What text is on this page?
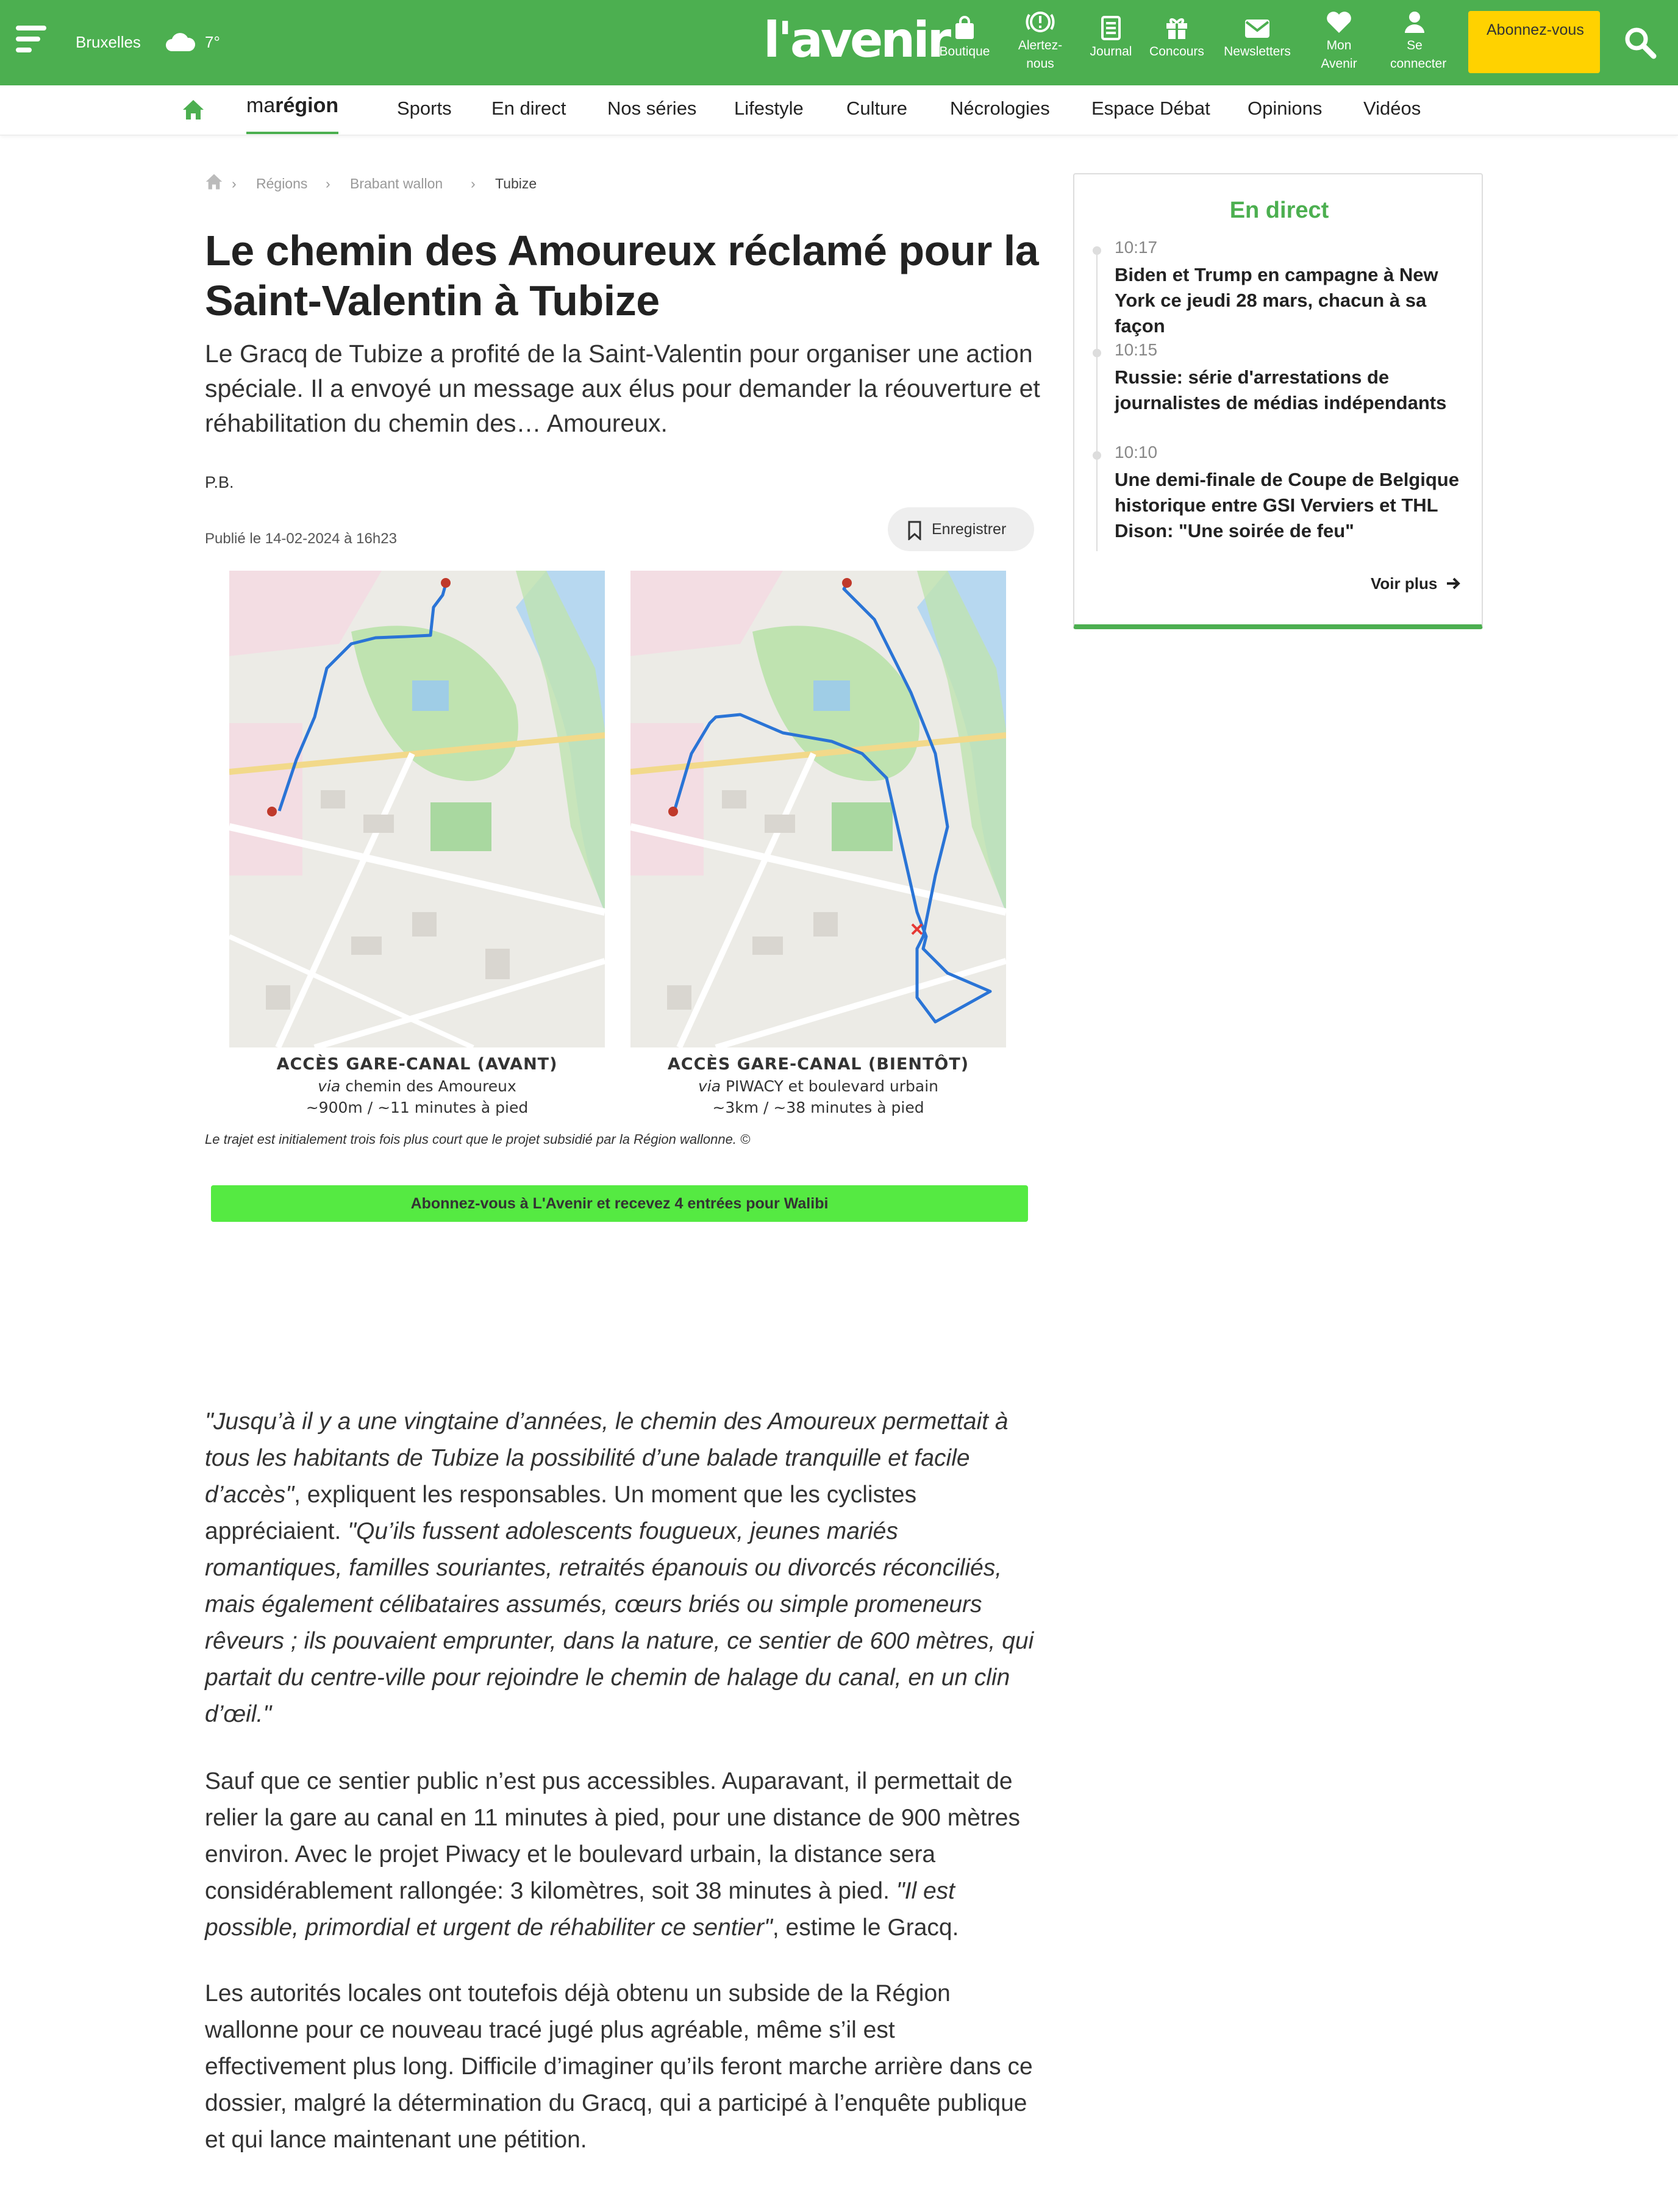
Bruxelles	7°	l'avenir
Boutique	Alertez-nous
Journal	Concours	Newsletters	Mon Avenir
Se connecter
Abonnez-vous
marégion	Sports En direct Nos séries Lifestyle Culture Nécrologies Espace Débat Opinions Vidéos
› Régions › Brabant wallon › Tubize
Le chemin des Amoureux réclamé pour la Saint-Valentin à Tubize

Le Gracq de Tubize a profité de la Saint-Valentin pour organiser une action spéciale. Il a envoyé un message aux élus pour demander la réouverture et réhabilitation du chemin des… Amoureux.

P.B.
Publié le 14-02-2024 à 16h23
Enregistrer
ACCÈS GARE-CANAL (AVANT)
via chemin des Amoureux
~900m / ~11 minutes à pied
ACCÈS GARE-CANAL (BIENTÔT)
via PIWACY et boulevard urbain
~3km / ~38 minutes à pied
Le trajet est initialement trois fois plus court que le projet subsidié par la Région wallonne. ©
Abonnez-vous à L'Avenir et recevez 4 entrées pour Walibi

"Jusqu’à il y a une vingtaine d’années, le chemin des Amoureux permettait à tous les habitants de Tubize la possibilité d’une balade tranquille et facile d’accès", expliquent les responsables. Un moment que les cyclistes appréciaient. "Qu’ils fussent adolescents fougueux, jeunes mariés romantiques, familles souriantes, retraités épanouis ou divorcés réconciliés, mais également célibataires assumés, cœurs briés ou simple promeneurs rêveurs ; ils pouvaient emprunter, dans la nature, ce sentier de 600 mètres, qui partait du centre-ville pour rejoindre le chemin de halage du canal, en un clin d’œil."

Sauf que ce sentier public n’est pus accessibles. Auparavant, il permettait de relier la gare au canal en 11 minutes à pied, pour une distance de 900 mètres environ. Avec le projet Piwacy et le boulevard urbain, la distance sera considérablement rallongée: 3 kilomètres, soit 38 minutes à pied. "Il est possible, primordial et urgent de réhabiliter ce sentier", estime le Gracq.

Les autorités locales ont toutefois déjà obtenu un subside de la Région wallonne pour ce nouveau tracé jugé plus agréable, même s’il est effectivement plus long. Difficile d’imaginer qu’ils feront marche arrière dans ce dossier, malgré la détermination du Gracq, qui a participé à l’enquête publique et qui lance maintenant une pétition.

En direct
10:17
Biden et Trump en campagne à New York ce jeudi 28 mars, chacun à sa façon
10:15
Russie: série d'arrestations de journalistes de médias indépendants
10:10
Une demi-finale de Coupe de Belgique historique entre GSI Verviers et THL Dison: "Une soirée de feu"
Voir plus
